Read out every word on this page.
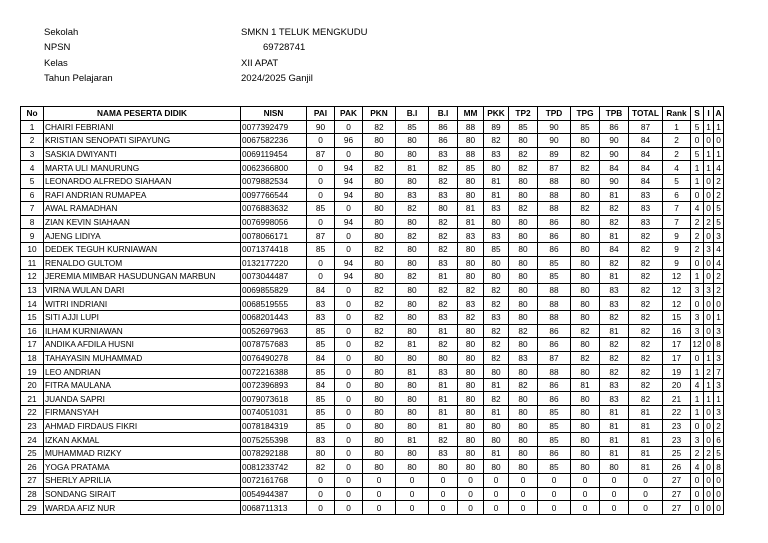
Sekolah	SMKN 1 TELUK MENGKUDU
NPSN	69728741
Kelas	XII APAT
Tahun Pelajaran	2024/2025 Ganjil
No	NAMA PESERTA DIDIK	NISN	PAI	PAK	PKN	B.I	B.I	MM	PKK	TP2	TPD	TPG	TPB	TOTAL	Rank	S	I	A
1	CHAIRI FEBRIANI	0077392479	90	0	82	85	86	88	89	85	90	85	86	87	1	5	1	1
2	KRISTIAN SENOPATI SIPAYUNG	0067582236	0	96	80	80	86	80	82	80	90	80	90	84	2	0	0	0
3	SASKIA DWIYANTI	0069119454	87	0	80	80	83	88	83	82	89	82	90	84	2	5	1	1
4	MARTA ULI MANURUNG	0062366800	0	94	82	81	82	85	80	82	87	82	84	84	4	1	1	4
5	LEONARDO ALFREDO SIAHAAN	0079882534	0	94	80	80	82	80	81	80	88	80	90	84	5	1	0	2
6	RAFI ANDRIAN RUMAPEA	0097766544	0	94	80	83	83	80	81	80	88	80	81	83	6	0	0	2
7	AWAL RAMADHAN	0076883632	85	0	80	82	80	81	83	82	88	82	82	83	7	4	0	5
8	ZIAN KEVIN SIAHAAN	0076998056	0	94	80	80	82	81	80	80	86	80	82	83	7	2	2	5
9	AJENG LIDIYA	0078066171	87	0	80	82	82	83	83	80	86	80	81	82	9	2	0	3
10	DEDEK TEGUH KURNIAWAN	0071374418	85	0	82	80	82	80	85	80	86	80	84	82	9	2	3	4
11	RENALDO GULTOM	0132177220	0	94	80	80	83	80	80	80	85	80	82	82	9	0	0	4
12	JEREMIA MIMBAR HASUDUNGAN MARBUN	0073044487	0	94	80	82	81	80	80	80	85	80	81	82	12	1	0	2
13	VIRNA WULAN DARI	0069855829	84	0	82	80	82	82	82	80	88	80	83	82	12	3	3	2
14	WITRI INDRIANI	0068519555	83	0	82	80	82	83	82	80	88	80	83	82	12	0	0	0
15	SITI AJJI LUPI	0068201443	83	0	82	80	83	82	83	80	88	80	82	82	15	3	0	1
16	ILHAM KURNIAWAN	0052697963	85	0	82	80	81	80	82	82	86	82	81	82	16	3	0	3
17	ANDIKA AFDILA HUSNI	0078757683	85	0	82	81	82	80	82	80	86	80	82	82	17	12	0	8
18	TAHAYASIN MUHAMMAD	0076490278	84	0	80	80	80	80	82	83	87	82	82	82	17	0	1	3
19	LEO ANDRIAN	0072216388	85	0	80	81	83	80	80	80	88	80	82	82	19	1	2	7
20	FITRA MAULANA	0072396893	84	0	80	80	81	80	81	82	86	81	83	82	20	4	1	3
21	JUANDA SAPRI	0079073618	85	0	80	80	81	80	82	80	86	80	83	82	21	1	1	1
22	FIRMANSYAH	0074051031	85	0	80	80	81	80	81	80	85	80	81	81	22	1	0	3
23	AHMAD FIRDAUS FIKRI	0078184319	85	0	80	80	81	80	80	80	85	80	81	81	23	0	0	2
24	IZKAN AKMAL	0075255398	83	0	80	81	82	80	80	80	85	80	81	81	23	3	0	6
25	MUHAMMAD RIZKY	0078292188	80	0	80	80	83	80	81	80	86	80	81	81	25	2	2	5
26	YOGA PRATAMA	0081233742	82	0	80	80	80	80	80	80	85	80	80	81	26	4	0	8
27	SHERLY APRILIA	0072161768	0	0	0	0	0	0	0	0	0	0	0	0	27	0	0	0
28	SONDANG SIRAIT	0054944387	0	0	0	0	0	0	0	0	0	0	0	0	27	0	0	0
29	WARDA AFIZ NUR	0068711313	0	0	0	0	0	0	0	0	0	0	0	0	27	0	0	0
